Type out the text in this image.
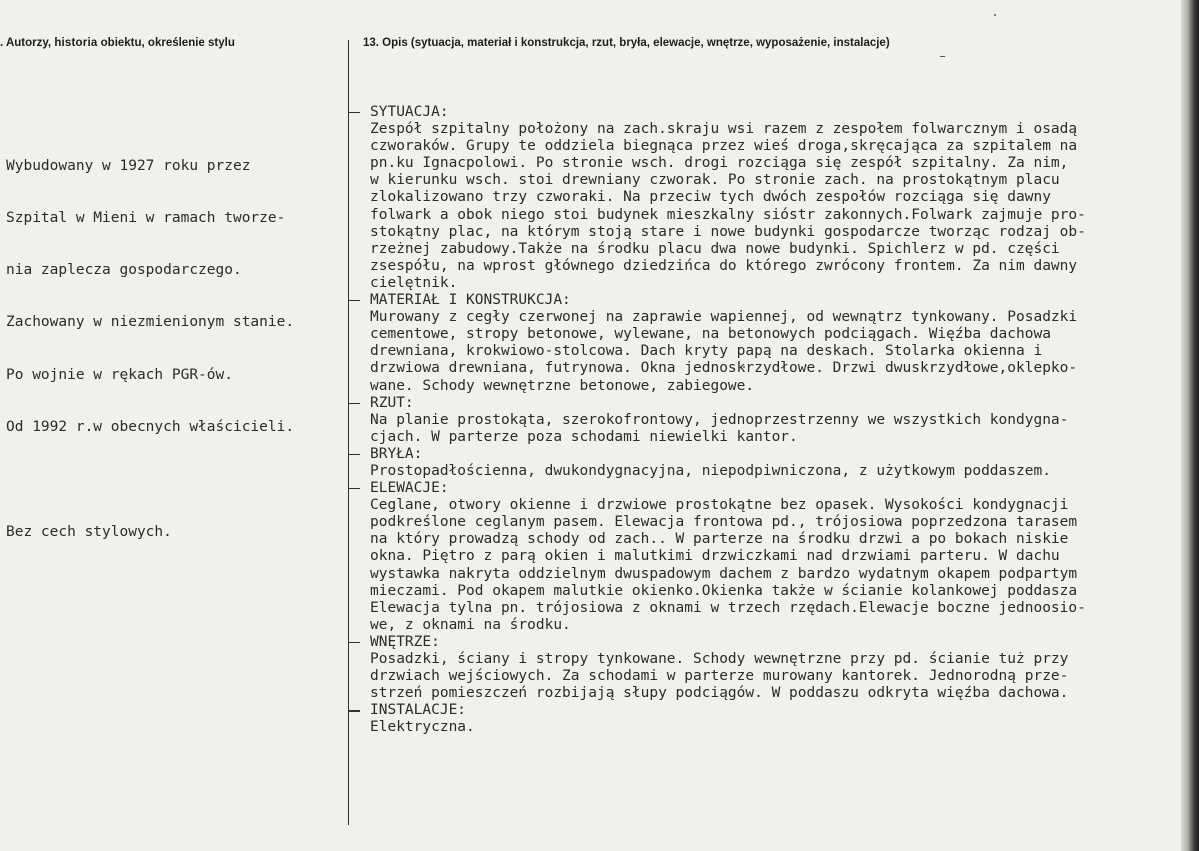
. Autorzy, historia obiektu, określenie stylu	13. Opis (sytuacja, materiał i konstrukcja, rzut, bryła, elewacje, wnętrze, wyposażenie, instalacje)

Wybudowany w 1927 roku przez

Szpital w Mieni w ramach tworze-

nia zaplecza gospodarczego.

Zachowany w niezmienionym stanie.

Po wojnie w rękach PGR-ów.

Od 1992 r.w obecnych właścicieli.

Bez cech stylowych.

SYTUACJA:
Zespół szpitalny położony na zach.skraju wsi razem z zespołem folwarcznym i osadą
czworaków. Grupy te oddziela biegnąca przez wieś droga,skręcająca za szpitalem na
pn.ku Ignacpolowi. Po stronie wsch. drogi rozciąga się zespół szpitalny. Za nim,
w kierunku wsch. stoi drewniany czworak. Po stronie zach. na prostokątnym placu
zlokalizowano trzy czworaki. Na przeciw tych dwóch zespołów rozciąga się dawny
folwark a obok niego stoi budynek mieszkalny sióstr zakonnych.Folwark zajmuje pro-
stokątny plac, na którym stoją stare i nowe budynki gospodarcze tworząc rodzaj ob-
rzeżnej zabudowy.Także na środku placu dwa nowe budynki. Spichlerz w pd. części
zsespółu, na wprost głównego dziedzińca do którego zwrócony frontem. Za nim dawny
cielętnik.
MATERIAŁ I KONSTRUKCJA:
Murowany z cegły czerwonej na zaprawie wapiennej, od wewnątrz tynkowany. Posadzki
cementowe, stropy betonowe, wylewane, na betonowych podciągach. Więźba dachowa
drewniana, krokwiowo-stolcowa. Dach kryty papą na deskach. Stolarka okienna i
drzwiowa drewniana, futrynowa. Okna jednoskrzydłowe. Drzwi dwuskrzydłowe,oklepko-
wane. Schody wewnętrzne betonowe, zabiegowe.
RZUT:
Na planie prostokąta, szerokofrontowy, jednoprzestrzenny we wszystkich kondygna-
cjach. W parterze poza schodami niewielki kantor.
BRYŁA:
Prostopadłościenna, dwukondygnacyjna, niepodpiwniczona, z użytkowym poddaszem.
ELEWACJE:
Ceglane, otwory okienne i drzwiowe prostokątne bez opasek. Wysokości kondygnacji
podkreślone ceglanym pasem. Elewacja frontowa pd., trójosiowa poprzedzona tarasem
na który prowadzą schody od zach.. W parterze na środku drzwi a po bokach niskie
okna. Piętro z parą okien i malutkimi drzwiczkami nad drzwiami parteru. W dachu
wystawka nakryta oddzielnym dwuspadowym dachem z bardzo wydatnym okapem podpartym
mieczami. Pod okapem malutkie okienko.Okienka także w ścianie kolankowej poddasza
Elewacja tylna pn. trójosiowa z oknami w trzech rzędach.Elewacje boczne jednoosio-
we, z oknami na środku.
WNĘTRZE:
Posadzki, ściany i stropy tynkowane. Schody wewnętrzne przy pd. ścianie tuż przy
drzwiach wejściowych. Za schodami w parterze murowany kantorek. Jednorodną prze-
strzeń pomieszczeń rozbijają słupy podciągów. W poddaszu odkryta więźba dachowa.
INSTALACJE:
Elektryczna.
